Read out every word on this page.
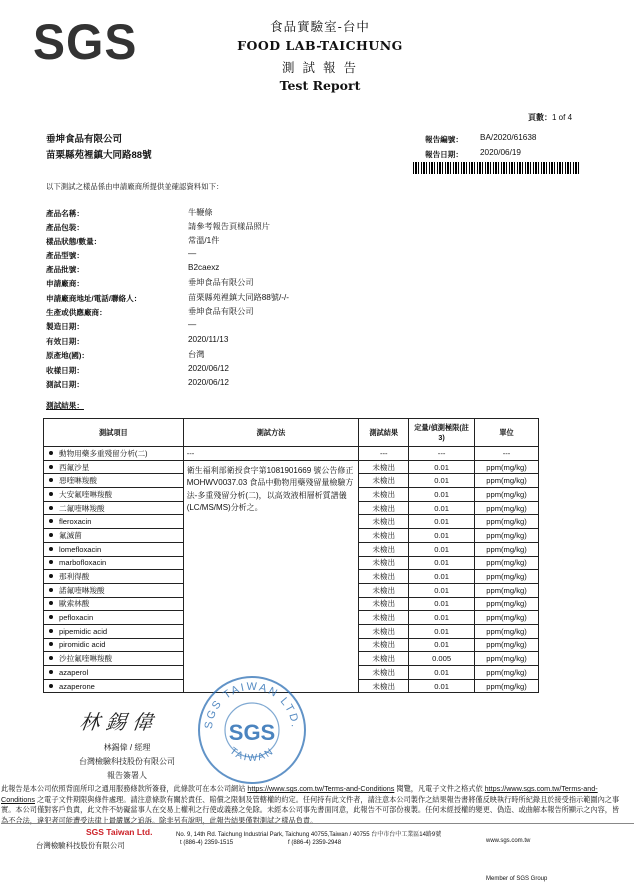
SGS	食品實驗室-台中
FOOD LAB-TAICHUNG
測 試 報 告
Test Report
頁數：1 of 4
垂坤食品有限公司
苗栗縣苑裡鎮大同路88號
報告編號： BA/2020/61638
報告日期： 2020/06/19
以下測試之樣品係由申請廠商所提供並確認資料如下：
產品名稱：	牛鞭條
產品包裝：	請參考報告頁樣品照片
樣品狀態/數量：	常溫/1件
產品型號：	—
產品批號：	B2caexz
申請廠商：	垂坤食品有限公司
申請廠商地址/電話/聯絡人：	苗栗縣苑裡鎮大同路88號/-/-
生產或供應廠商：	垂坤食品有限公司
製造日期：	—
有效日期：	2020/11/13
原產地(國)：	台灣
收樣日期：	2020/06/12
測試日期：	2020/06/12
測試結果：
測試項目	測試方法	測試結果	定量/偵測極限(註3)	單位
動物用藥多重殘留分析(二)	---	---	---	---
西氟沙星	衛生福利部衛授食字第1081901669 號公告修正MOHWV0037.03 食品中動物用藥殘留量檢驗方法-多重殘留分析(二)，以高效液相層析質譜儀(LC/MS/MS)分析之。	未檢出	0.01	ppm(mg/kg)
惡喹啉羧酸		未檢出	0.01	ppm(mg/kg)
大安氟喹啉羧酸		未檢出	0.01	ppm(mg/kg)
二氟喹啉羧酸		未檢出	0.01	ppm(mg/kg)
fleroxacin		未檢出	0.01	ppm(mg/kg)
氟滅菌		未檢出	0.01	ppm(mg/kg)
lomefloxacin		未檢出	0.01	ppm(mg/kg)
marbofloxacin		未檢出	0.01	ppm(mg/kg)
那利得酸		未檢出	0.01	ppm(mg/kg)
諾氟喹啉羧酸		未檢出	0.01	ppm(mg/kg)
歐索林酸		未檢出	0.01	ppm(mg/kg)
pefloxacin		未檢出	0.01	ppm(mg/kg)
pipemidic acid		未檢出	0.01	ppm(mg/kg)
piromidic acid		未檢出	0.01	ppm(mg/kg)
沙拉氟喹啉羧酸		未檢出	0.005	ppm(mg/kg)
azaperol		未檢出	0.01	ppm(mg/kg)
azaperone		未檢出	0.01	ppm(mg/kg)
林 錫 偉
林錫偉 / 經理
台灣檢驗科技股份有限公司
報告簽署人
SGS TAIWAN LTD.
SGS
TAIWAN
此報告是本公司依照背面所印之通用服務條款所簽發，此條款可在本公司網站 https://www.sgs.com.tw/Terms-and-Conditions 閱覽，凡電子文件之格式依 https://www.sgs.com.tw/Terms-and-Conditions 之電子文件期限與條件處理。請注意條款有關於責任、賠償之限制及管轄權的約定。任何持有此文件者，請注意本公司製作之結果報告書將僅反映執行時所紀錄且於接受指示範圍內之事實。本公司僅對客戶負責，此文件不妨礙當事人在交易上權利之行使或義務之免除。未經本公司事先書面同意，此報告不可部份複製。任何未經授權的變更、偽造、或曲解本報告所顯示之內容，皆為不合法，違犯者可能遭受法律上最嚴厲之追訴。除非另有說明，此報告結果僅對測試之樣品負責。
SGS Taiwan Ltd.
台灣檢驗科技股份有限公司
No. 9, 14th Rd. Taichung Industrial Park, Taichung 40755,Taiwan / 40755 台中市台中工業區14路9號
t (886-4) 2359-1515	f (886-4) 2359-2948	www.sgs.com.tw
Member of SGS Group
